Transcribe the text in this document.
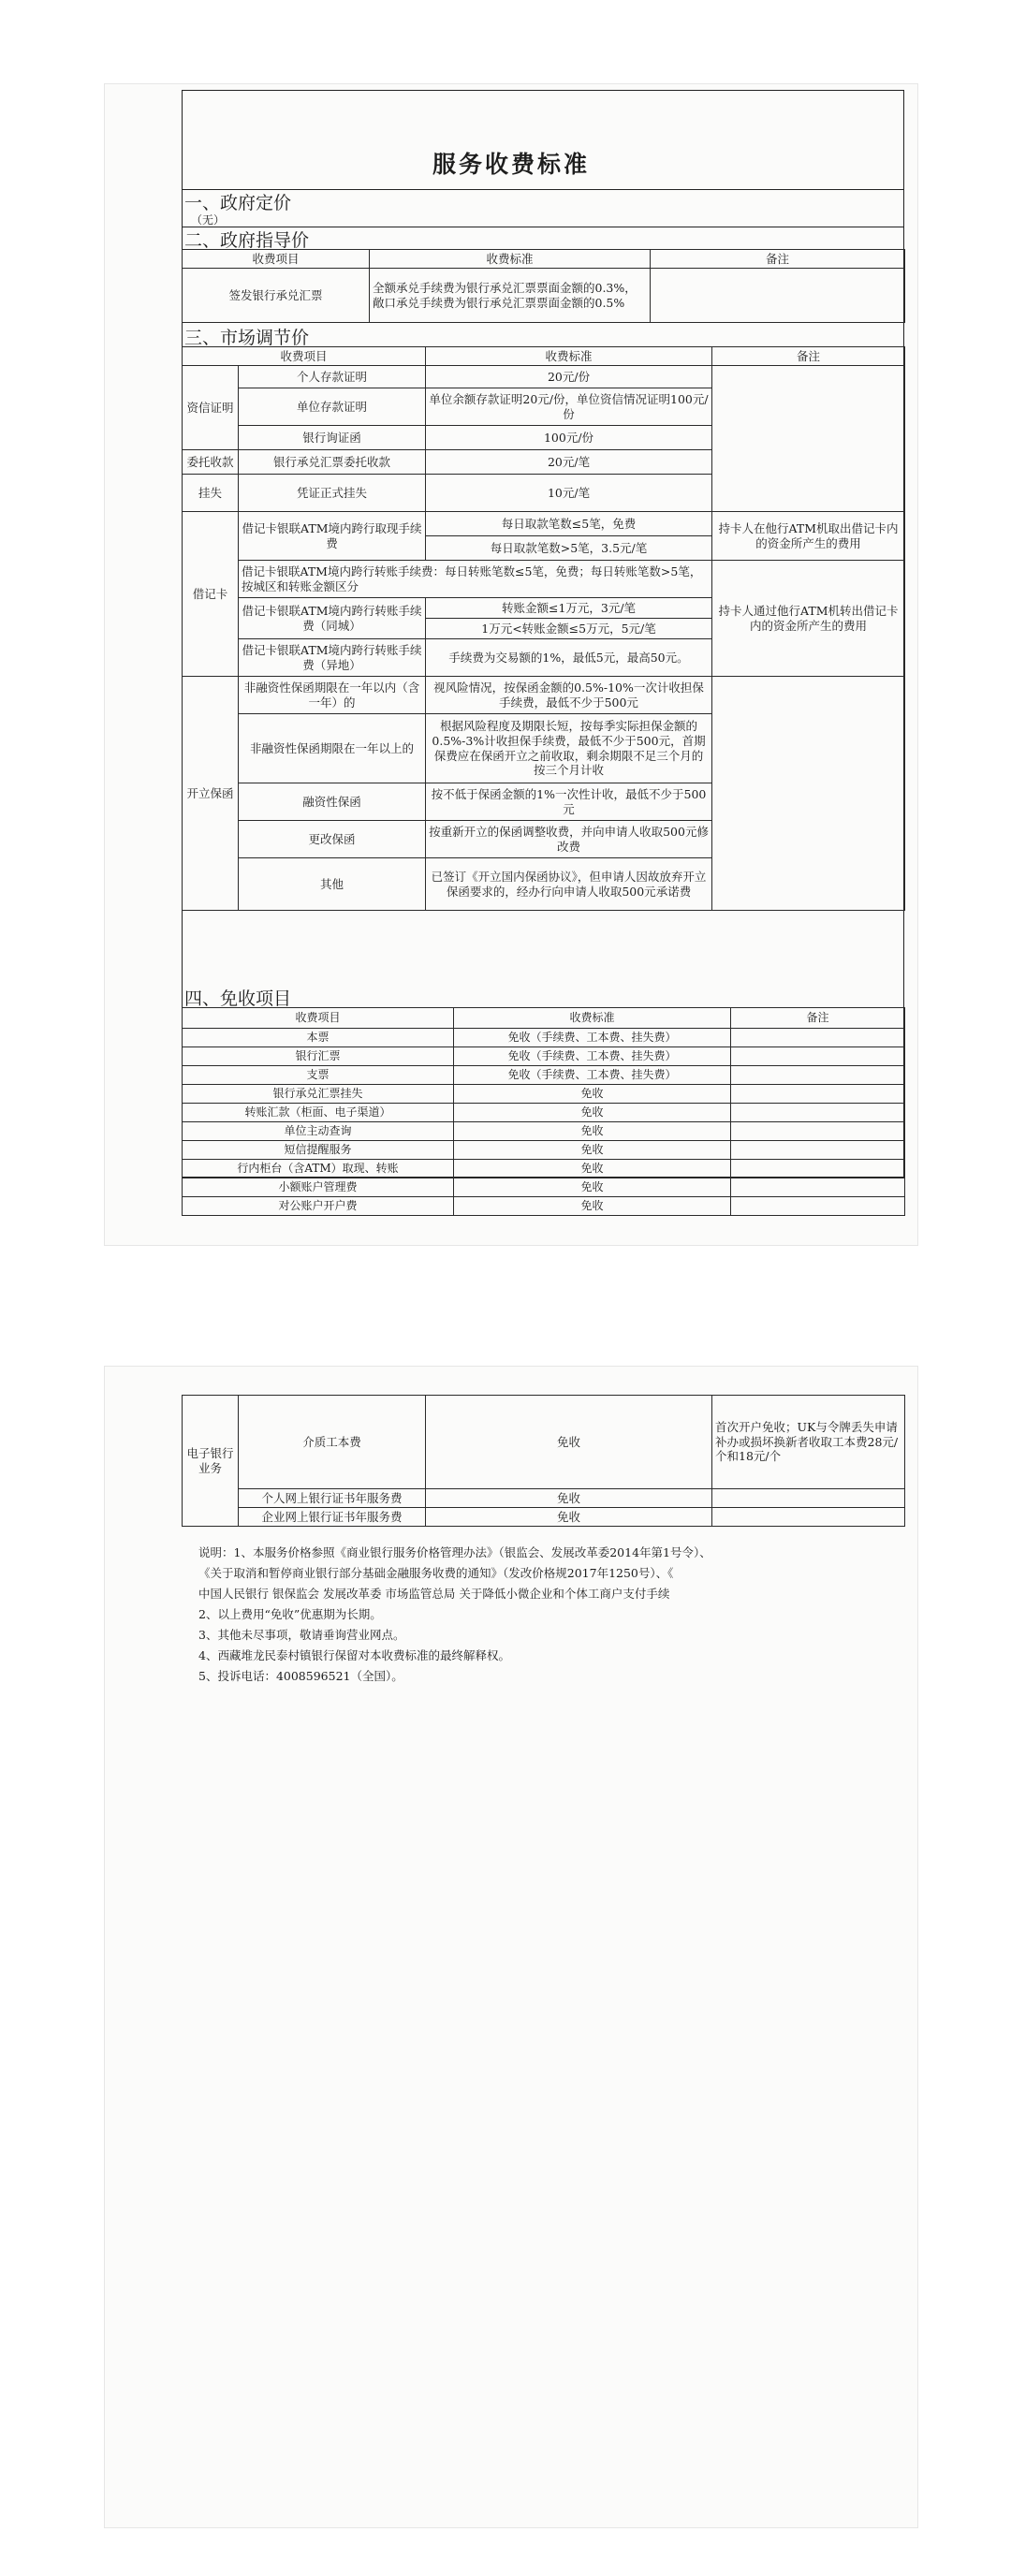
服务收费标准
一、政府定价
（无）
二、政府指导价
收费项目	收费标准	备注
签发银行承兑汇票	全额承兑手续费为银行承兑汇票票面金额的0.3%，敞口承兑手续费为银行承兑汇票票面金额的0.5%	
三、市场调节价
收费项目		收费标准	备注
资信证明	个人存款证明	20元/份	
	单位存款证明	单位余额存款证明20元/份，单位资信情况证明100元/份	
	银行询证函	100元/份	
委托收款	银行承兑汇票委托收款	20元/笔	
挂失	凭证正式挂失	10元/笔	
借记卡	借记卡银联ATM境内跨行取现手续费	每日取款笔数≤5笔，免费	持卡人在他行ATM机取出借记卡内的资金所产生的费用
		每日取款笔数>5笔，3.5元/笔	
	借记卡银联ATM境内跨行转账手续费：每日转账笔数≤5笔，免费；每日转账笔数>5笔，按城区和转账金额区分		持卡人通过他行ATM机转出借记卡内的资金所产生的费用
	借记卡银联ATM境内跨行转账手续费（同城）	转账金额≤1万元，3元/笔	
		1万元<转账金额≤5万元，5元/笔	
	借记卡银联ATM境内跨行转账手续费（异地）	手续费为交易额的1%，最低5元，最高50元。	
开立保函	非融资性保函期限在一年以内（含一年）的	视风险情况，按保函金额的0.5%-10%一次计收担保手续费，最低不少于500元	
	非融资性保函期限在一年以上的	根据风险程度及期限长短，按每季实际担保金额的0.5%-3%计收担保手续费，最低不少于500元，首期保费应在保函开立之前收取，剩余期限不足三个月的按三个月计收	
	融资性保函	按不低于保函金额的1%一次性计收，最低不少于500元	
	更改保函	按重新开立的保函调整收费，并向申请人收取500元修改费	
	其他	已签订《开立国内保函协议》，但申请人因故放弃开立保函要求的，经办行向申请人收取500元承诺费	
四、免收项目
收费项目	收费标准	备注
本票	免收（手续费、工本费、挂失费）	
银行汇票	免收（手续费、工本费、挂失费）	
支票	免收（手续费、工本费、挂失费）	
银行承兑汇票挂失	免收	
转账汇款（柜面、电子渠道）	免收	
单位主动查询	免收	
短信提醒服务	免收	
行内柜台（含ATM）取现、转账	免收	
小额账户管理费	免收	
对公账户开户费	免收	
电子银行业务	介质工本费	免收	首次开户免收；UK与令牌丢失申请补办或损坏换新者收取工本费28元/个和18元/个
	个人网上银行证书年服务费	免收	
	企业网上银行证书年服务费	免收	
说明：1、本服务价格参照《商业银行服务价格管理办法》（银监会、发展改革委2014年第1号令）、
《关于取消和暂停商业银行部分基础金融服务收费的通知》（发改价格规2017年1250号）、《
中国人民银行 银保监会 发展改革委 市场监管总局 关于降低小微企业和个体工商户支付手续
2、以上费用“免收”优惠期为长期。
3、其他未尽事项，敬请垂询营业网点。
4、西藏堆龙民泰村镇银行保留对本收费标准的最终解释权。
5、投诉电话：4008596521（全国）。
